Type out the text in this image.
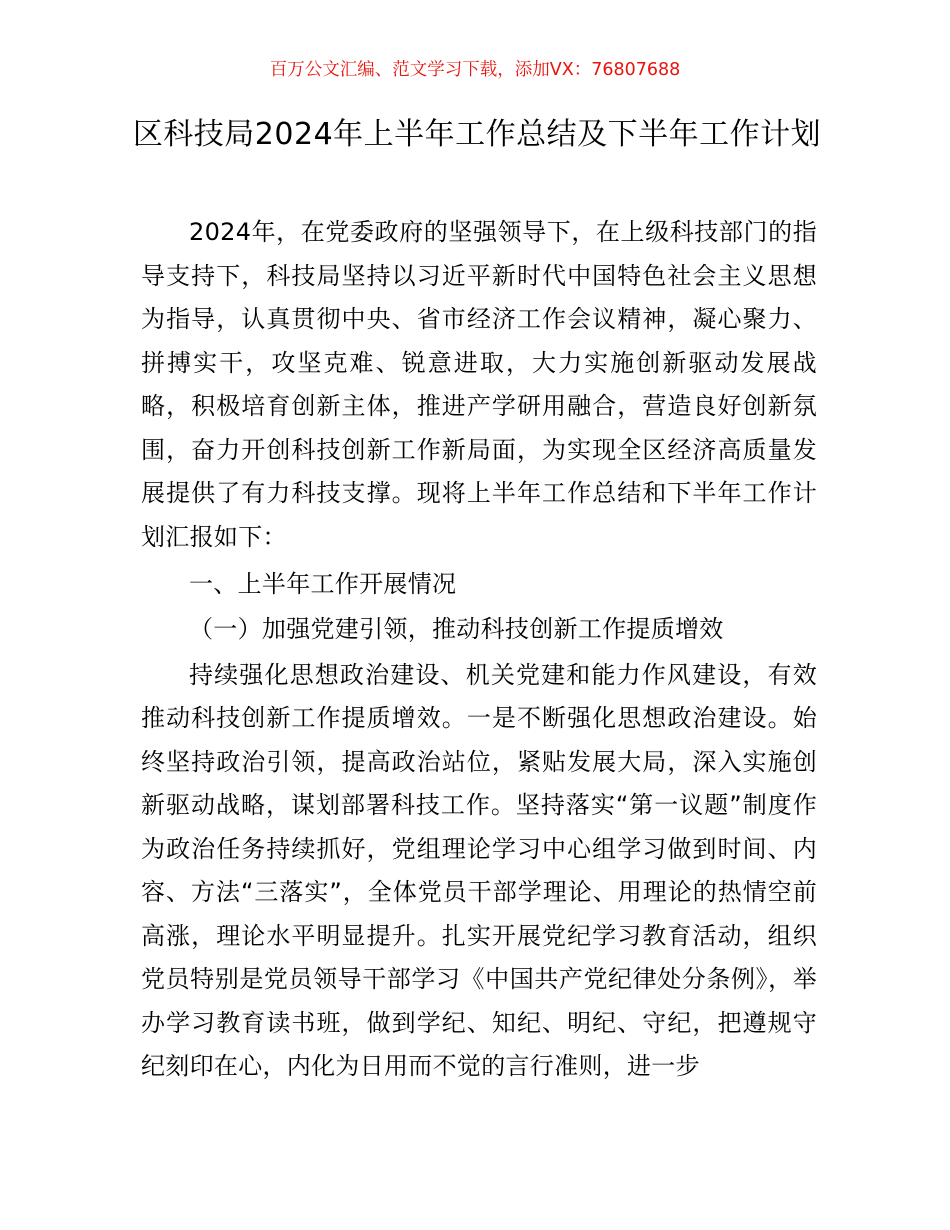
百万公文汇编、范文学习下载，添加VX：76807688
区科技局2024年上半年工作总结及下半年工作计划

2024年，在党委政府的坚强领导下，在上级科技部门的指导支持下，科技局坚持以习近平新时代中国特色社会主义思想为指导，认真贯彻中央、省市经济工作会议精神，凝心聚力、拼搏实干，攻坚克难、锐意进取，大力实施创新驱动发展战略，积极培育创新主体，推进产学研用融合，营造良好创新氛围，奋力开创科技创新工作新局面，为实现全区经济高质量发展提供了有力科技支撑。现将上半年工作总结和下半年工作计划汇报如下：

一、上半年工作开展情况

（一）加强党建引领，推动科技创新工作提质增效

持续强化思想政治建设、机关党建和能力作风建设，有效推动科技创新工作提质增效。一是不断强化思想政治建设。始终坚持政治引领，提高政治站位，紧贴发展大局，深入实施创新驱动战略，谋划部署科技工作。坚持落实“第一议题”制度作为政治任务持续抓好，党组理论学习中心组学习做到时间、内容、方法“三落实”，全体党员干部学理论、用理论的热情空前高涨，理论水平明显提升。扎实开展党纪学习教育活动，组织党员特别是党员领导干部学习《中国共产党纪律处分条例》，举办学习教育读书班，做到学纪、知纪、明纪、守纪，把遵规守纪刻印在心，内化为日用而不觉的言行准则，进一步
